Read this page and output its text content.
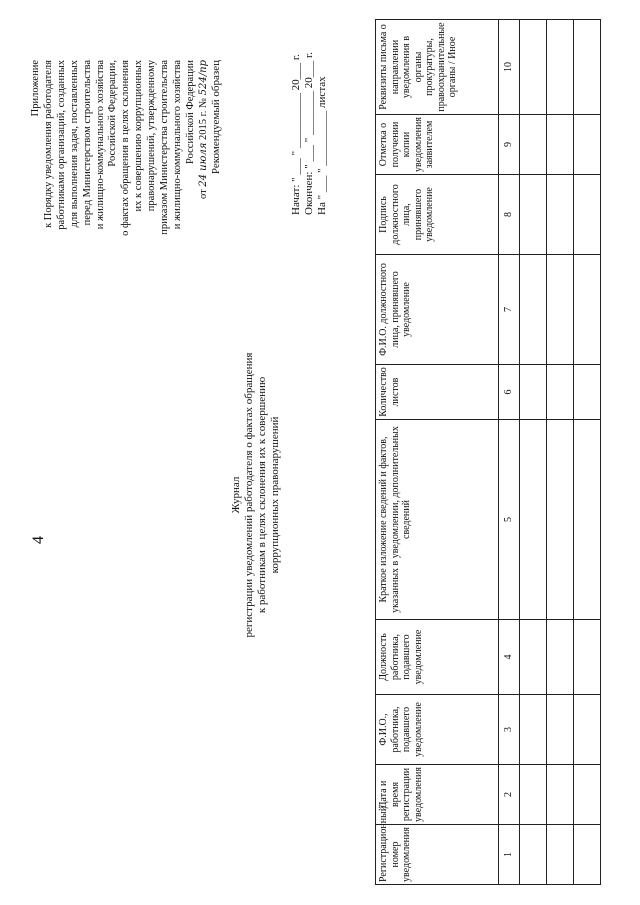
4
Приложение к Порядку уведомления работодателя работниками организаций, созданных для выполнения задач, поставленных перед Министерством строительства и жилищно-коммунального хозяйства Российской Федерации, о фактах обращения в целях склонения их к совершению коррупционных правонарушений, утвержденному приказом Министерства строительства и жилищно-коммунального хозяйства Российской Федерации
от 24 июля 2015 г. № 524/пр Рекомендуемый образец
Журнал регистрации уведомлений работодателя о фактах обращения к работникам в целях склонения их к совершению коррупционных правонарушений
Начат: " ___ " __________ 20___ г. Окончен: " ___ " ________ 20___ г. На " ___ " __________ листах
Регистрационный номер уведомления	Дата и время регистрации уведомления	Ф.И.О., работника, подавшего уведомление	Должность работника, подавшего уведомление	Краткое изложение сведений и фактов, указанных в уведомлении, дополнительных сведений	Количество листов	Ф.И.О. должностного лица, принявшего уведомление	Подпись должностного лица, принявшего уведомление	Отметка о получении копии уведомления заявителем	Реквизиты письма о направлении уведомления в органы прокуратуры, правоохранительные органы / Иное
1	2	3	4	5	6	7	8	9	10
